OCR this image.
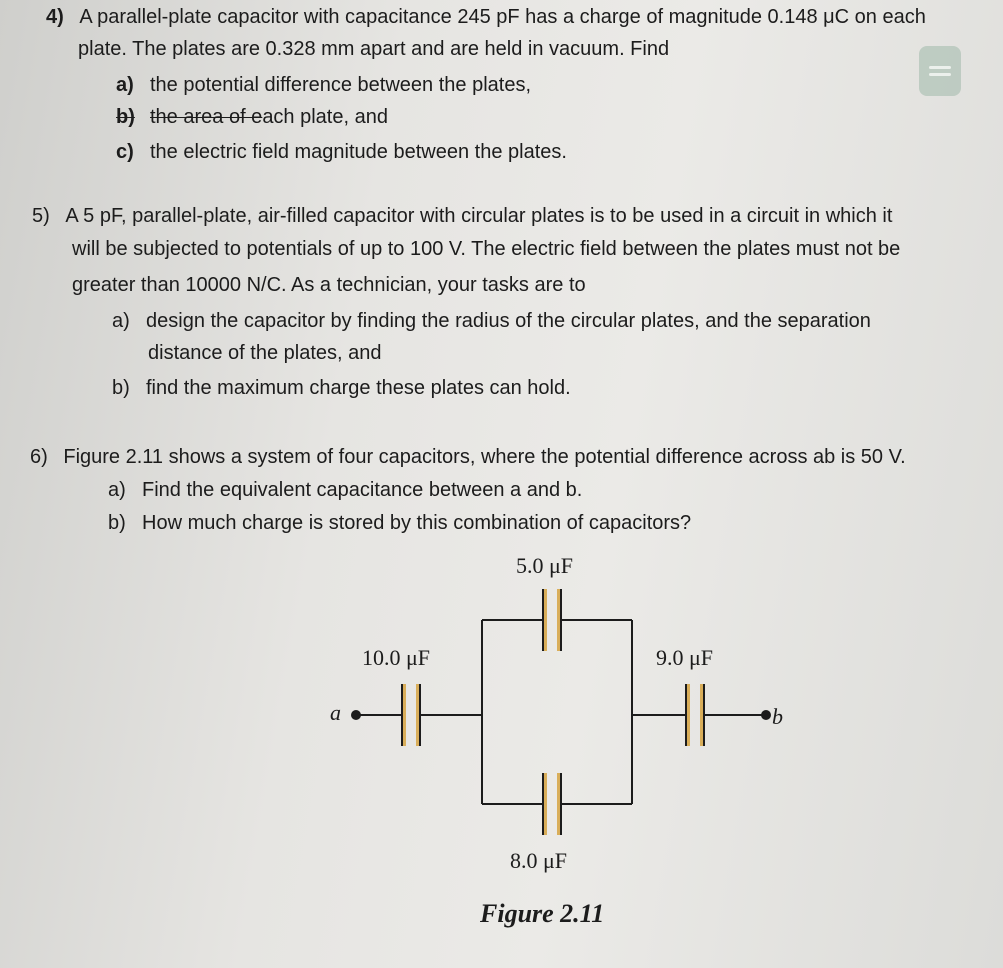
4) A parallel-plate capacitor with capacitance 245 pF has a charge of magnitude 0.148 μC on each
plate. The plates are 0.328 mm apart and are held in vacuum. Find
a) the potential difference between the plates,
b) the area of each plate, and
c) the electric field magnitude between the plates.
5) A 5 pF, parallel-plate, air-filled capacitor with circular plates is to be used in a circuit in which it
will be subjected to potentials of up to 100 V. The electric field between the plates must not be
greater than 10000 N/C. As a technician, your tasks are to
a) design the capacitor by finding the radius of the circular plates, and the separation
distance of the plates, and
b) find the maximum charge these plates can hold.
6) Figure 2.11 shows a system of four capacitors, where the potential difference across ab is 50 V.
a) Find the equivalent capacitance between a and b.
b) How much charge is stored by this combination of capacitors?
5.0 μF
10.0 μF	9.0 μF
8.0 μF
a	b
Figure 2.11
